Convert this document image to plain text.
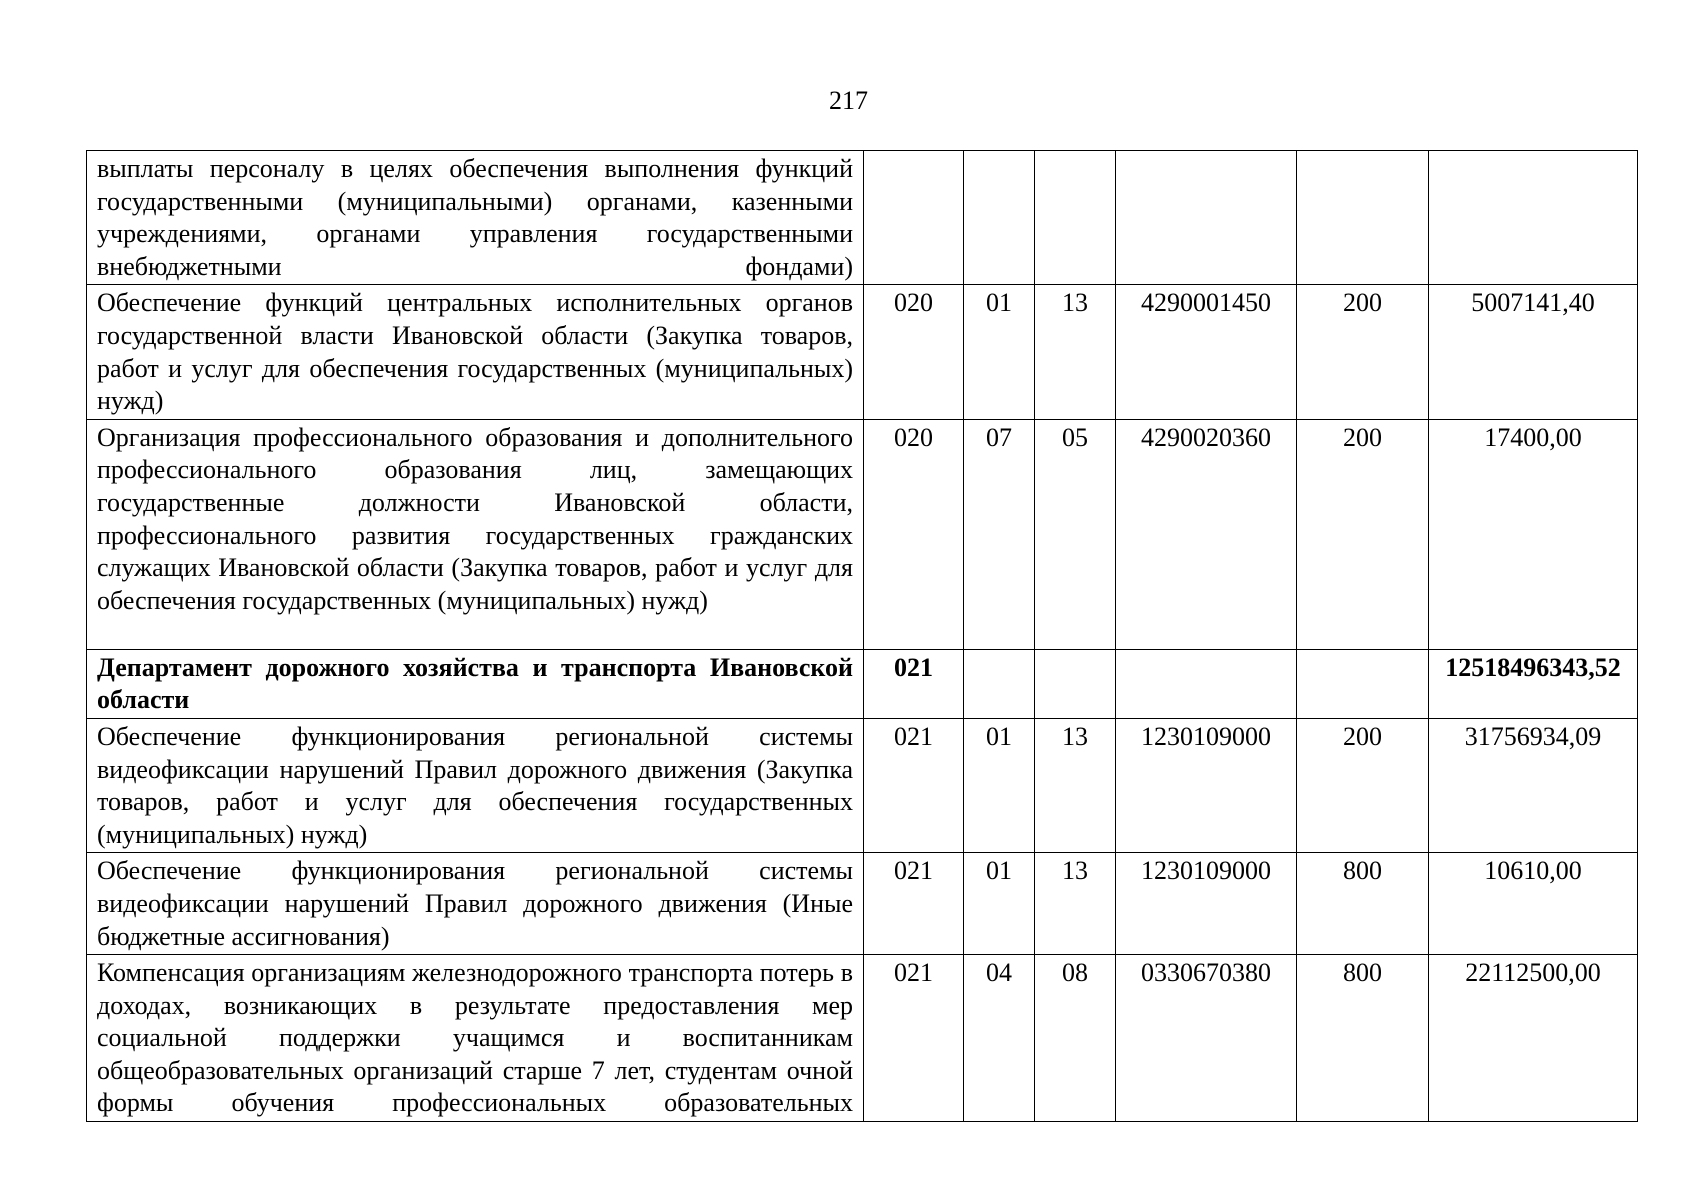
217
выплаты персоналу в целях обеспечения выполнения функций государственными (муниципальными) органами, казенными учреждениями, органами управления государственными внебюджетными фондами)						
Обеспечение функций центральных исполнительных органов государственной власти Ивановской области (Закупка товаров, работ и услуг для обеспечения государственных (муниципальных) нужд)	020	01	13	4290001450	200	5007141,40
Организация профессионального образования и дополнительного профессионального образования лиц, замещающих государственные должности Ивановской области, профессионального развития государственных гражданских служащих Ивановской области (Закупка товаров, работ и услуг для обеспечения государственных (муниципальных) нужд)	020	07	05	4290020360	200	17400,00
Департамент дорожного хозяйства и транспорта Ивановской области	021					12518496343,52
Обеспечение функционирования региональной системы видеофиксации нарушений Правил дорожного движения (Закупка товаров, работ и услуг для обеспечения государственных (муниципальных) нужд)	021	01	13	1230109000	200	31756934,09
Обеспечение функционирования региональной системы видеофиксации нарушений Правил дорожного движения (Иные бюджетные ассигнования)	021	01	13	1230109000	800	10610,00
Компенсация организациям железнодорожного транспорта потерь в доходах, возникающих в результате предоставления мер социальной поддержки учащимся и воспитанникам общеобразовательных организаций старше 7 лет, студентам очной формы обучения профессиональных образовательных	021	04	08	0330670380	800	22112500,00
